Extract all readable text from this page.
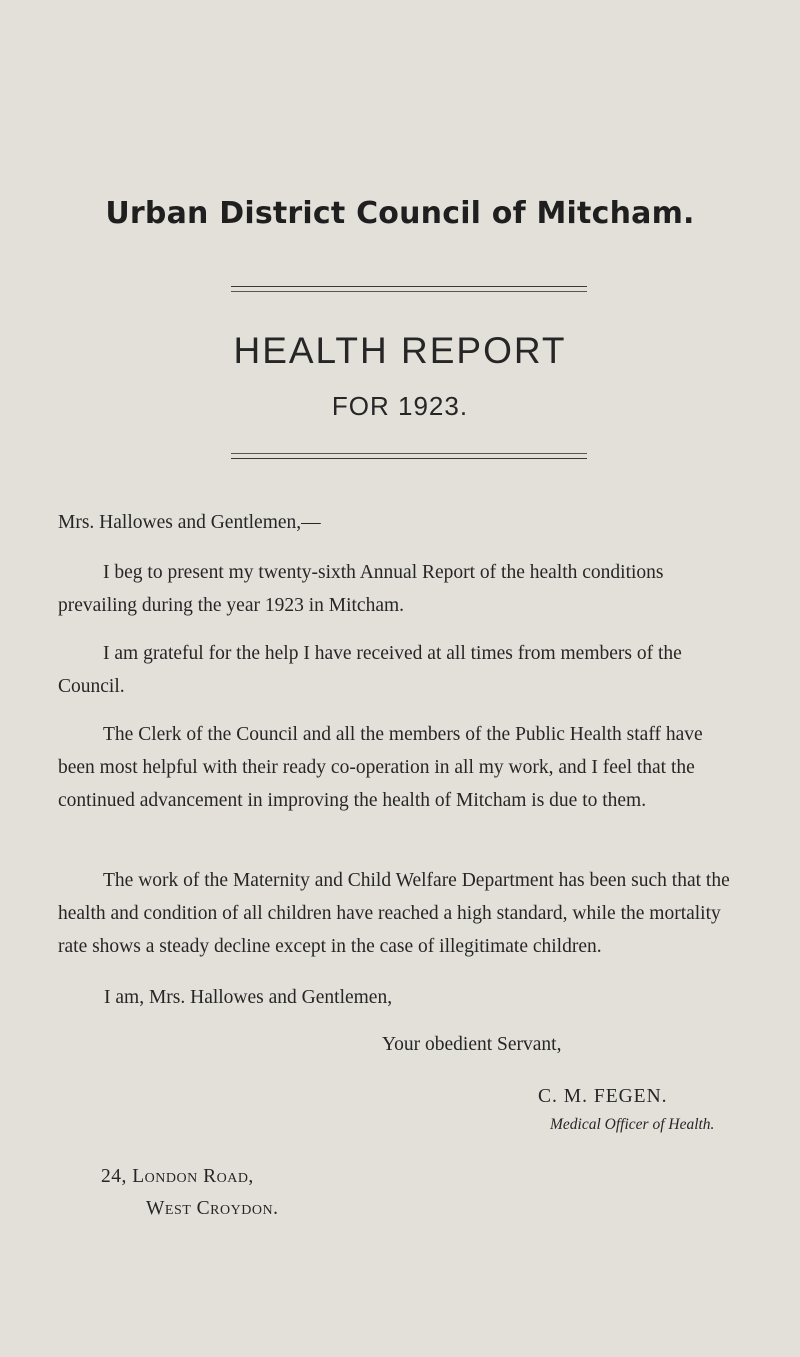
Urban District Council of Mitcham.
HEALTH REPORT
FOR 1923.

Mrs. Hallowes and Gentlemen,—

I beg to present my twenty-sixth Annual Report of the health conditions prevailing during the year 1923 in Mitcham.

I am grateful for the help I have received at all times from members of the Council.

The Clerk of the Council and all the members of the Public Health staff have been most helpful with their ready co-operation in all my work, and I feel that the continued advancement in improving the health of Mitcham is due to them.

The work of the Maternity and Child Welfare Department has been such that the health and condition of all children have reached a high standard, while the mortality rate shows a steady decline except in the case of illegitimate children.

I am, Mrs. Hallowes and Gentlemen,
Your obedient Servant,
C. M. FEGEN.
Medical Officer of Health.
24, London Road,
West Croydon.
